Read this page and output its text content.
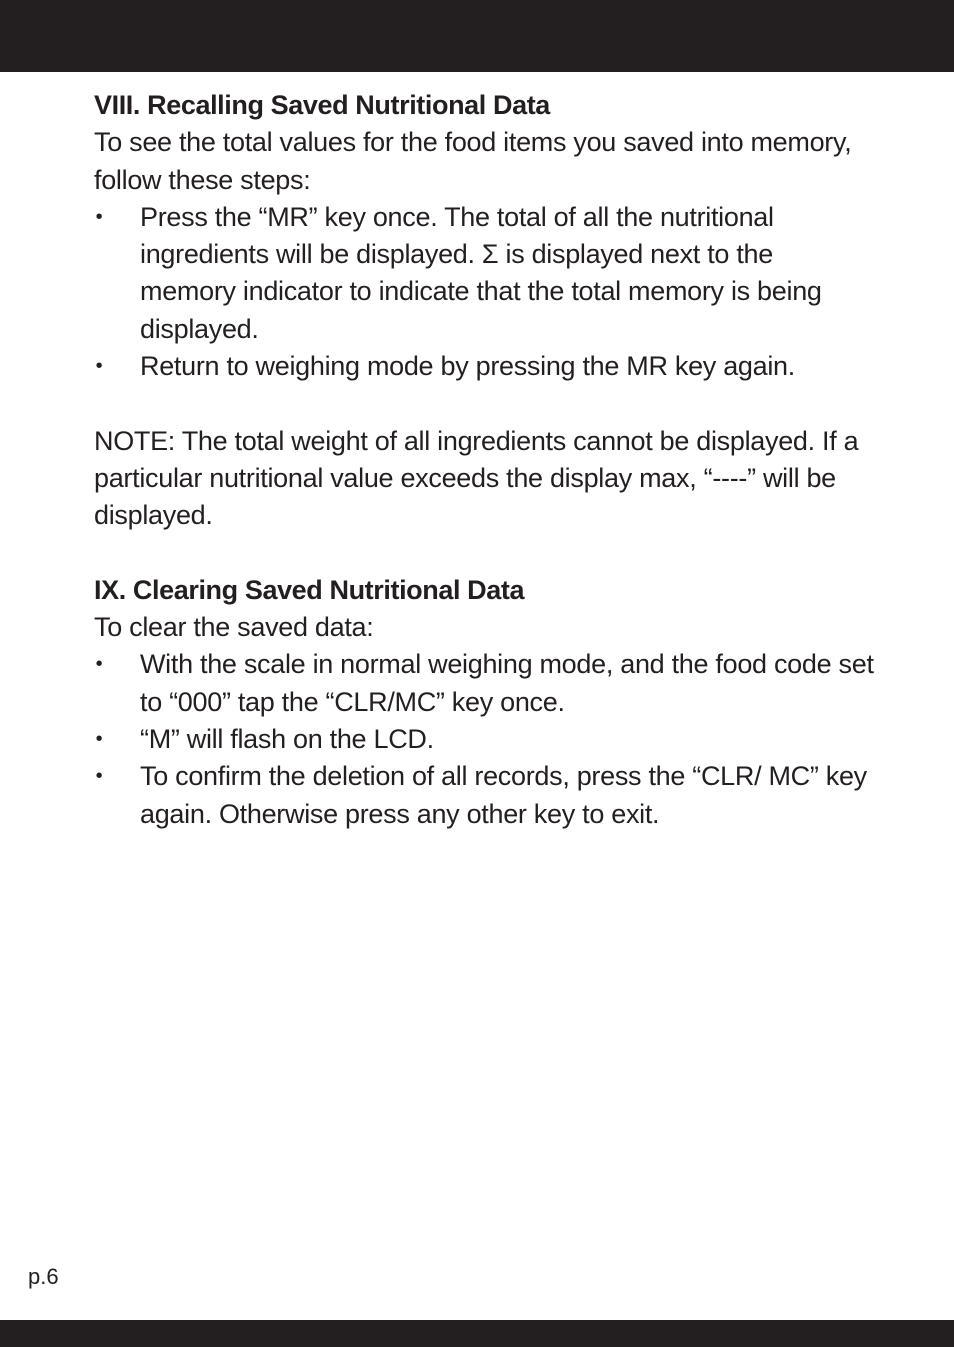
VIII. Recalling Saved Nutritional Data

To see the total values for the food items you saved into memory, follow these steps:

• Press the “MR” key once. The total of all the nutritional ingredients will be displayed. Σ is displayed next to the memory indicator to indicate that the total memory is being displayed.
• Return to weighing mode by pressing the MR key again.

NOTE: The total weight of all ingredients cannot be displayed. If a particular nutritional value exceeds the display max, “----” will be displayed.

IX. Clearing Saved Nutritional Data

To clear the saved data:

• With the scale in normal weighing mode, and the food code set to “000” tap the “CLR/MC” key once.
• “M” will flash on the LCD.
• To confirm the deletion of all records, press the “CLR/ MC” key again. Otherwise press any other key to exit.
p.6
